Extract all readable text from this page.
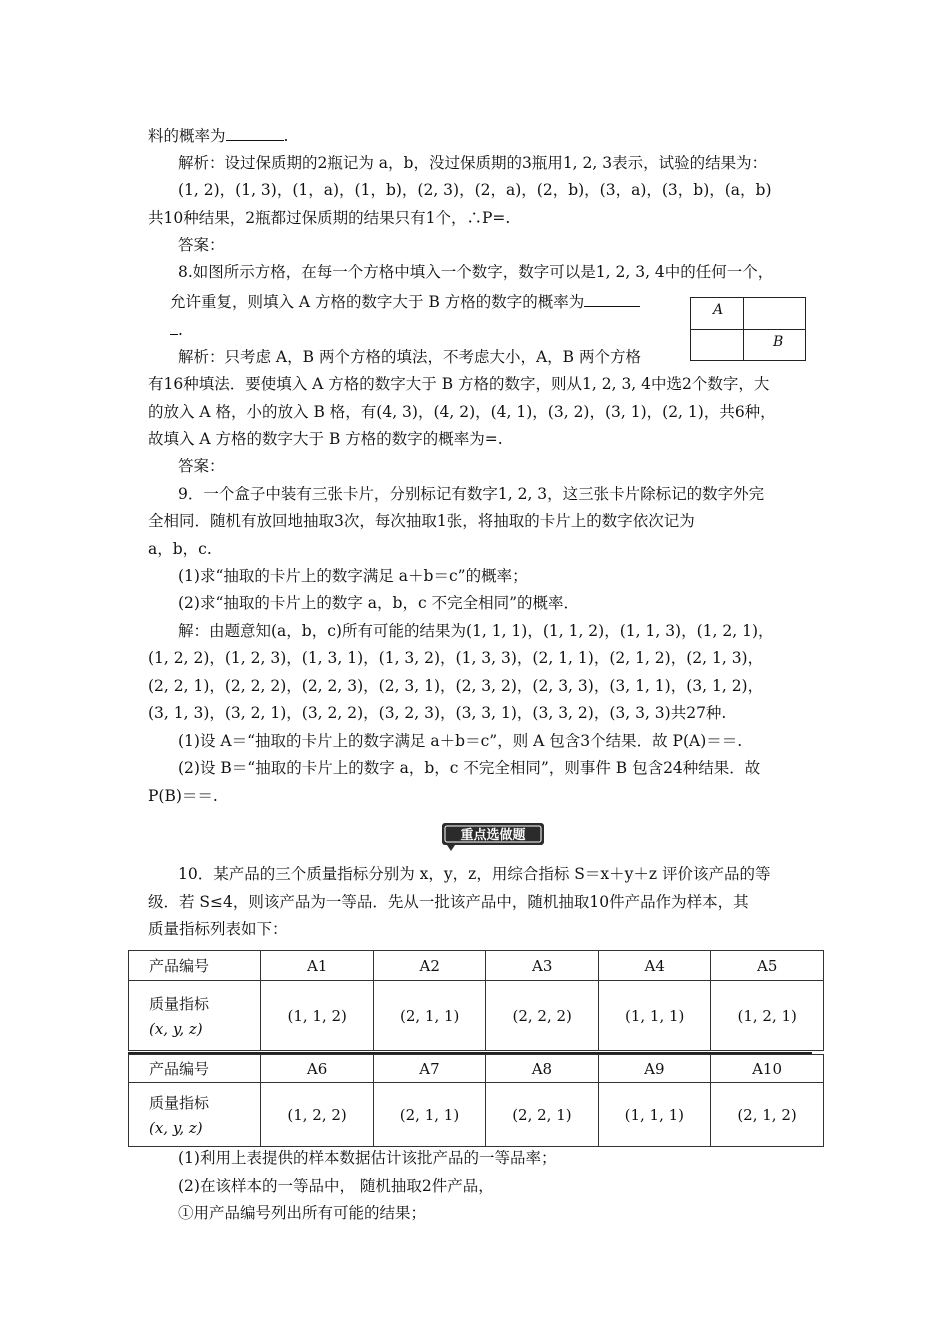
料的概率为	.
解析：设过保质期的2瓶记为 a，b，没过保质期的3瓶用1, 2, 3表示，试验的结果为：
(1, 2)，(1, 3)，(1，a)，(1，b)，(2, 3)，(2，a)，(2，b)，(3，a)，(3，b)，(a，b)
共10种结果，2瓶都过保质期的结果只有1个，∴P=.
答案：
8.如图所示方格，在每一个方格中填入一个数字，数字可以是1, 2, 3, 4中的任何一个，
允许重复，则填入 A 方格的数字大于 B 方格的数字的概率为
.
A
B
解析：只考虑 A，B 两个方格的填法，不考虑大小，A，B 两个方格
有16种填法．要使填入 A 方格的数字大于 B 方格的数字，则从1, 2, 3, 4中选2个数字，大
的放入 A 格，小的放入 B 格，有(4, 3)，(4, 2)，(4, 1)，(3, 2)，(3, 1)，(2, 1)，共6种，
故填入 A 方格的数字大于 B 方格的数字的概率为=.
答案：
9．一个盒子中装有三张卡片，分别标记有数字1, 2, 3，这三张卡片除标记的数字外完
全相同．随机有放回地抽取3次，每次抽取1张，将抽取的卡片上的数字依次记为
a，b，c.
(1)求“抽取的卡片上的数字满足 a＋b＝c”的概率；
(2)求“抽取的卡片上的数字 a，b，c 不完全相同”的概率．
解：由题意知(a，b，c)所有可能的结果为(1, 1, 1)，(1, 1, 2)，(1, 1, 3)，(1, 2, 1)，
(1, 2, 2)，(1, 2, 3)，(1, 3, 1)，(1, 3, 2)，(1, 3, 3)，(2, 1, 1)，(2, 1, 2)，(2, 1, 3)，
(2, 2, 1)，(2, 2, 2)，(2, 2, 3)，(2, 3, 1)，(2, 3, 2)，(2, 3, 3)，(3, 1, 1)，(3, 1, 2)，
(3, 1, 3)，(3, 2, 1)，(3, 2, 2)，(3, 2, 3)，(3, 3, 1)，(3, 3, 2)，(3, 3, 3)共27种.
(1)设 A＝“抽取的卡片上的数字满足 a＋b＝c”，则 A 包含3个结果．故 P(A)＝＝.
(2)设 B＝“抽取的卡片上的数字 a，b，c 不完全相同”，则事件 B 包含24种结果．故
P(B)＝＝.
重点选做题
10．某产品的三个质量指标分别为 x，y，z，用综合指标 S＝x＋y＋z 评价该产品的等
级．若 S≤4，则该产品为一等品．先从一批该产品中，随机抽取10件产品作为样本，其
质量指标列表如下：
产品编号	A1	A2	A3	A4	A5

质量指标
(x, y, z)	(1, 1, 2)	(2, 1, 1)	(2, 2, 2)	(1, 1, 1)	(1, 2, 1)
产品编号	A6	A7	A8	A9	A10

质量指标
(x, y, z)	(1, 2, 2)	(2, 1, 1)	(2, 2, 1)	(1, 1, 1)	(2, 1, 2)
(1)利用上表提供的样本数据估计该批产品的一等品率；
(2)在该样本的一等品中， 随机抽取2件产品，
①用产品编号列出所有可能的结果；
